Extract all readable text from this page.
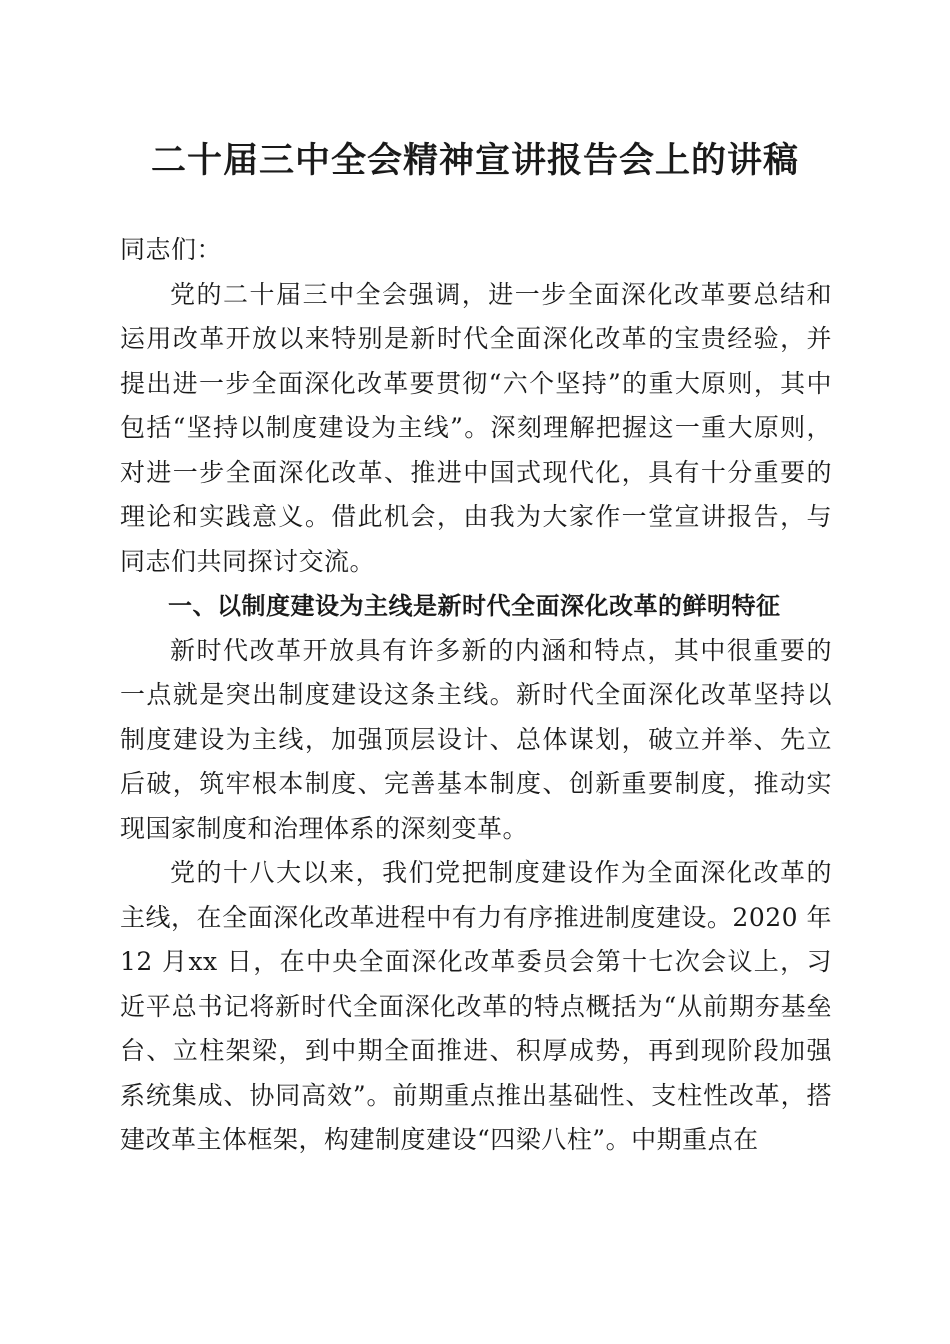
二十届三中全会精神宣讲报告会上的讲稿

同志们：

党的二十届三中全会强调，进一步全面深化改革要总结和运用改革开放以来特别是新时代全面深化改革的宝贵经验，并提出进一步全面深化改革要贯彻“六个坚持”的重大原则，其中包括“坚持以制度建设为主线”。深刻理解把握这一重大原则，对进一步全面深化改革、推进中国式现代化，具有十分重要的理论和实践意义。借此机会，由我为大家作一堂宣讲报告，与同志们共同探讨交流。

一、以制度建设为主线是新时代全面深化改革的鲜明特征

新时代改革开放具有许多新的内涵和特点，其中很重要的一点就是突出制度建设这条主线。新时代全面深化改革坚持以制度建设为主线，加强顶层设计、总体谋划，破立并举、先立后破，筑牢根本制度、完善基本制度、创新重要制度，推动实现国家制度和治理体系的深刻变革。

党的十八大以来，我们党把制度建设作为全面深化改革的主线，在全面深化改革进程中有力有序推进制度建设。2020 年12 月xx 日，在中央全面深化改革委员会第十七次会议上，习近平总书记将新时代全面深化改革的特点概括为“从前期夯基垒台、立柱架梁，到中期全面推进、积厚成势，再到现阶段加强系统集成、协同高效”。前期重点推出基础性、支柱性改革，搭建改革主体框架，构建制度建设“四梁八柱”。中期重点在
